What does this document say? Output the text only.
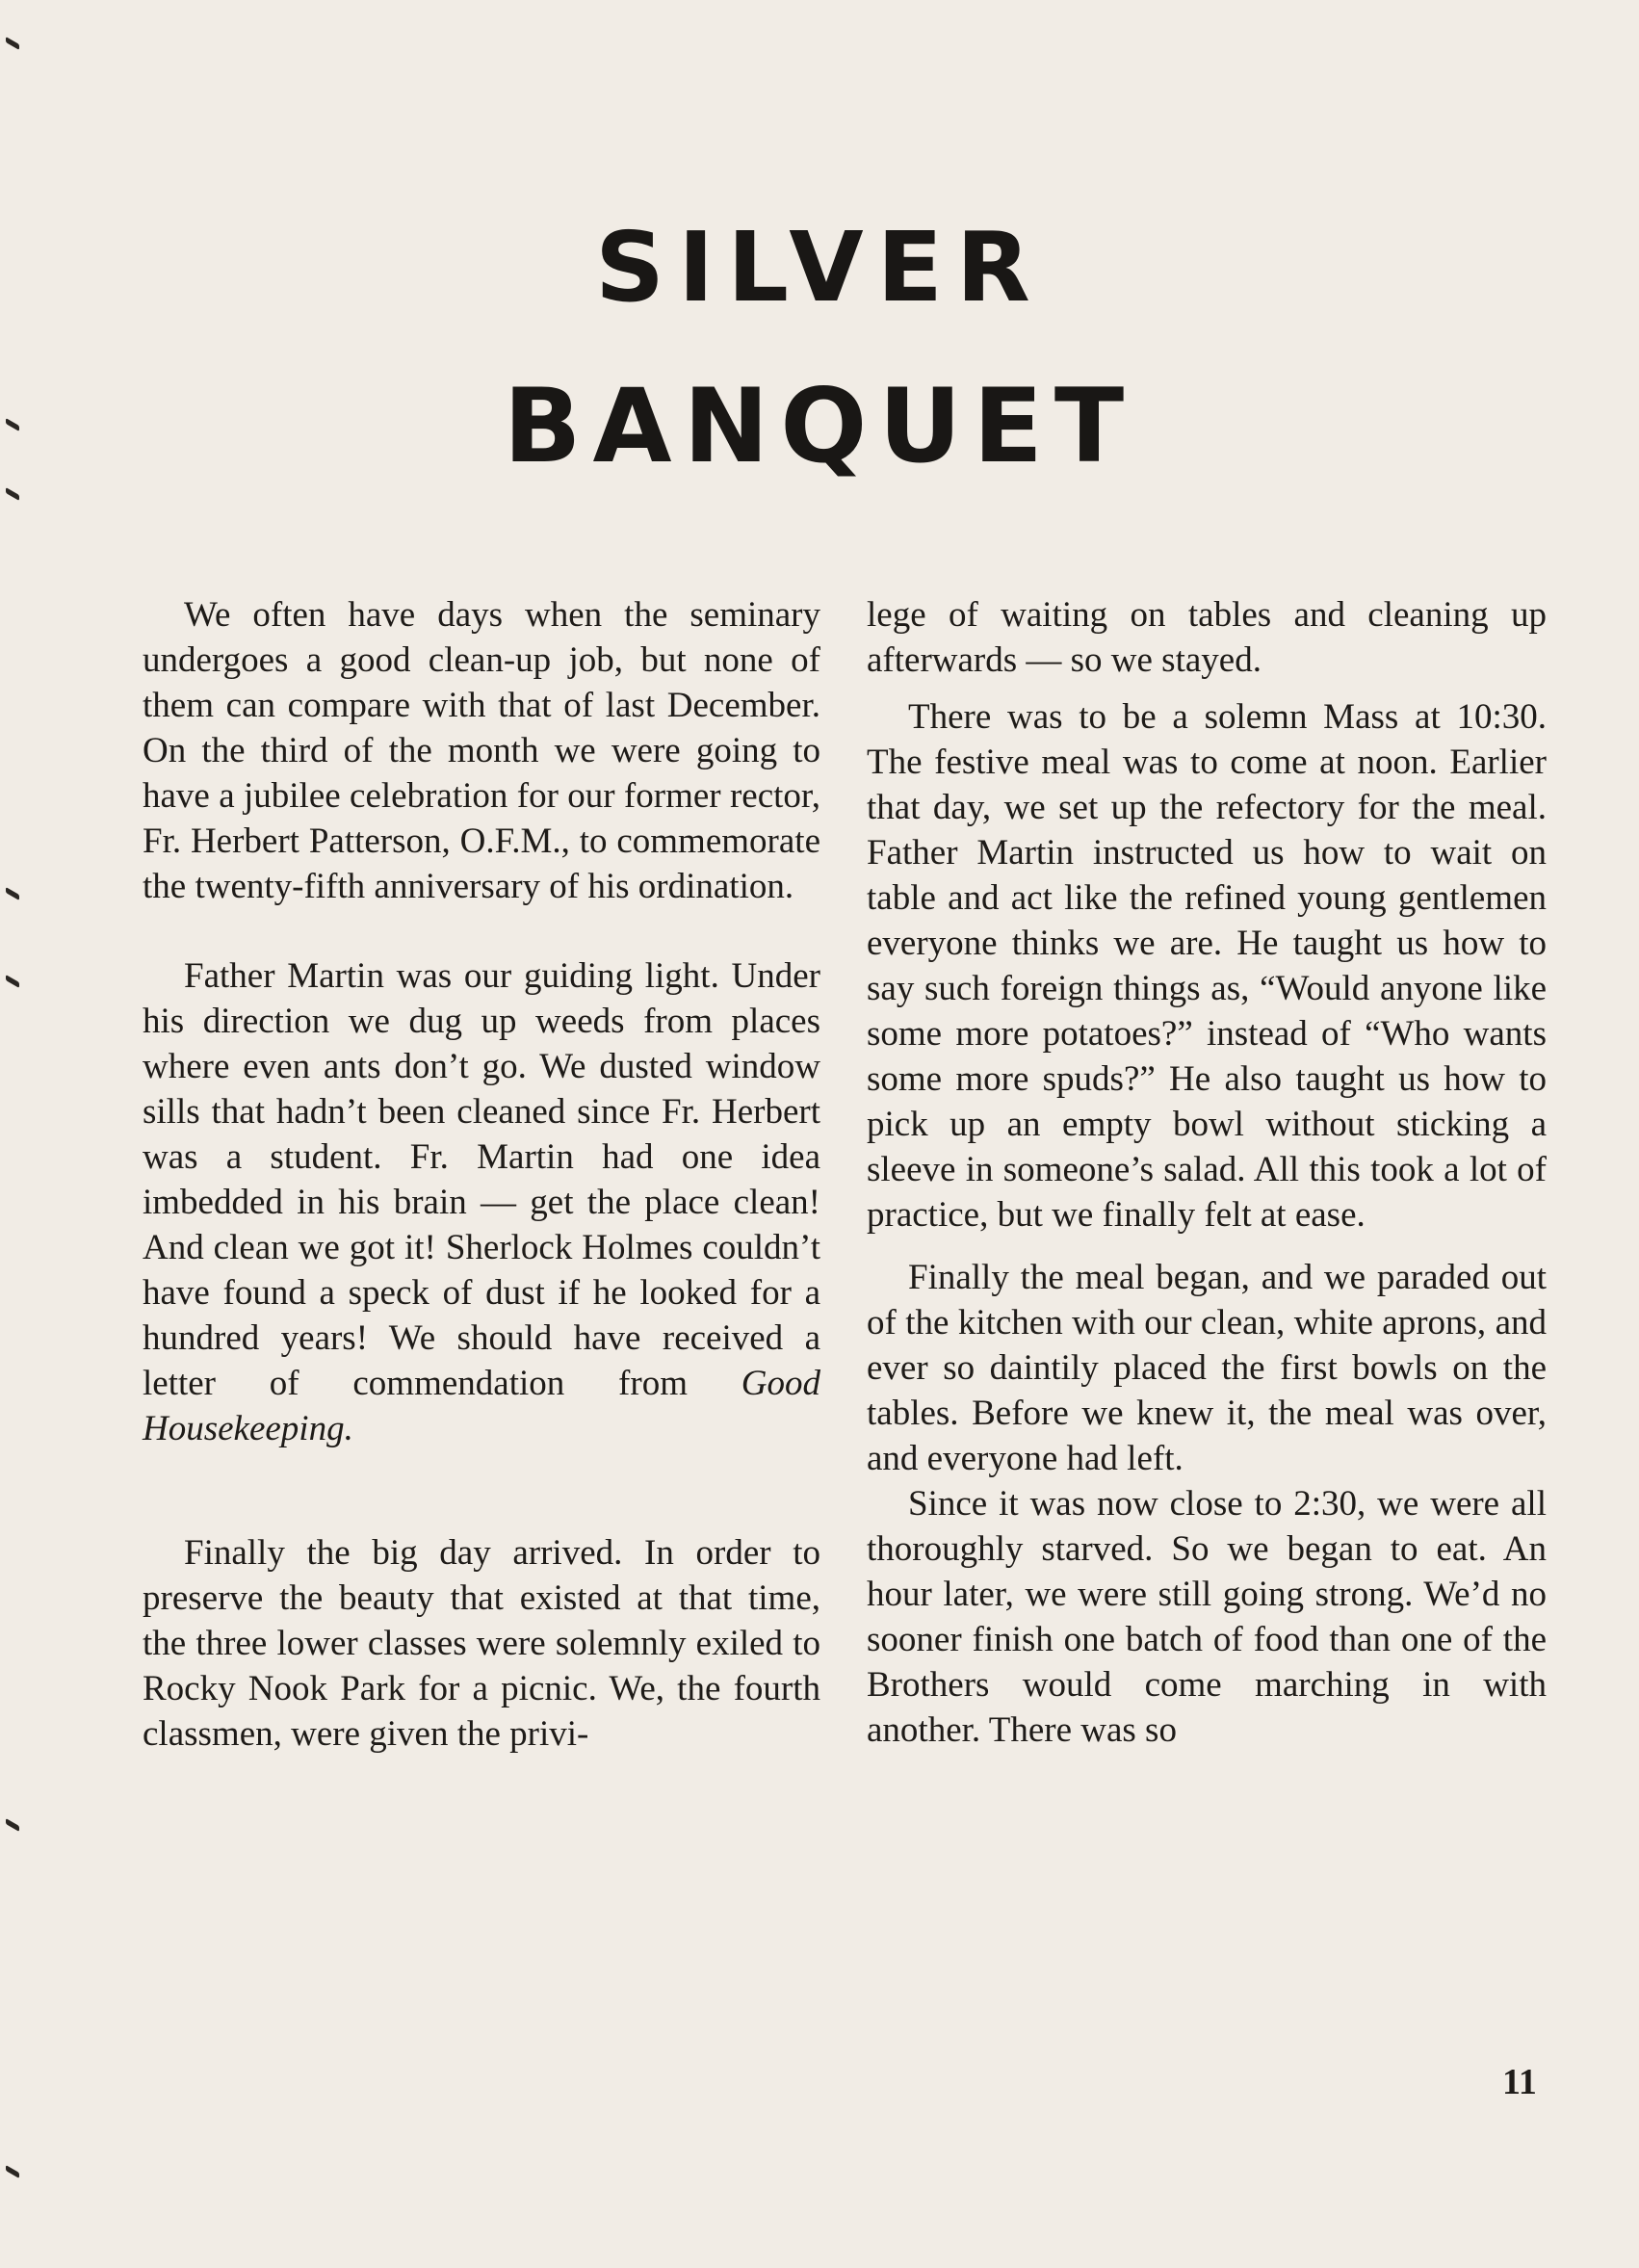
SILVER
BANQUET

We often have days when the seminary undergoes a good clean-up job, but none of them can compare with that of last December. On the third of the month we were going to have a jubilee celebration for our former rector, Fr. Herbert Patterson, O.F.M., to commemorate the twenty-fifth anniversary of his ordination.

Father Martin was our guiding light. Under his direction we dug up weeds from places where even ants don’t go. We dusted window sills that hadn’t been cleaned since Fr. Herbert was a student. Fr. Martin had one idea imbedded in his brain — get the place clean! And clean we got it! Sherlock Holmes couldn’t have found a speck of dust if he looked for a hundred years! We should have received a letter of commendation from Good Housekeeping.

Finally the big day arrived. In order to preserve the beauty that existed at that time, the three lower classes were solemnly exiled to Rocky Nook Park for a picnic. We, the fourth classmen, were given the privi-

lege of waiting on tables and cleaning up afterwards — so we stayed.

There was to be a solemn Mass at 10:30. The festive meal was to come at noon. Earlier that day, we set up the refectory for the meal. Father Martin instructed us how to wait on table and act like the refined young gentlemen everyone thinks we are. He taught us how to say such foreign things as, “Would anyone like some more potatoes?” instead of “Who wants some more spuds?” He also taught us how to pick up an empty bowl without sticking a sleeve in someone’s salad. All this took a lot of practice, but we finally felt at ease.

Finally the meal began, and we paraded out of the kitchen with our clean, white aprons, and ever so daintily placed the first bowls on the tables. Before we knew it, the meal was over, and everyone had left.

Since it was now close to 2:30, we were all thoroughly starved. So we began to eat. An hour later, we were still going strong. We’d no sooner finish one batch of food than one of the Brothers would come marching in with another. There was so

11
